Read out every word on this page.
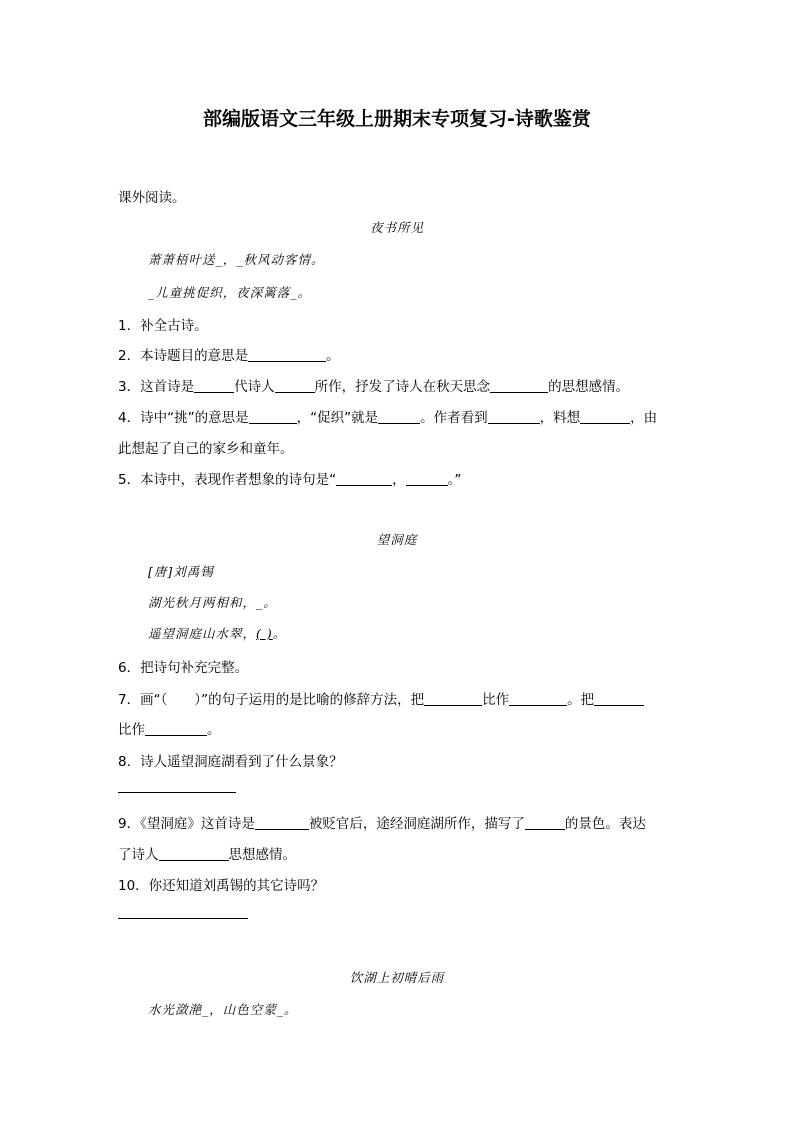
部编版语文三年级上册期末专项复习-诗歌鉴赏
课外阅读。
夜书所见
萧萧梧叶送_，_秋风动客情。
_儿童挑促织，夜深篱落_。
1．补全古诗。
2．本诗题目的意思是	。
3．这首诗是	代诗人	所作，抒发了诗人在秋天思念	的思想感情。
4．诗中“挑”的意思是	，“促织”就是	。作者看到	，料想	，由
此想起了自己的家乡和童年。
5．本诗中，表现作者想象的诗句是“	，	。”
望洞庭
[唐]刘禹锡
湖光秋月两相和，_。
遥望洞庭山水翠，( )。
6．把诗句补充完整。
7．画“（　　）”的句子运用的是比喻的修辞方法，把	比作	。把
比作	。
8．诗人遥望洞庭湖看到了什么景象？
9．《望洞庭》这首诗是	被贬官后，途经洞庭湖所作，描写了	的景色。表达
了诗人	思想感情。
10．你还知道刘禹锡的其它诗吗？
饮湖上初晴后雨
水光潋滟_，山色空蒙_。
